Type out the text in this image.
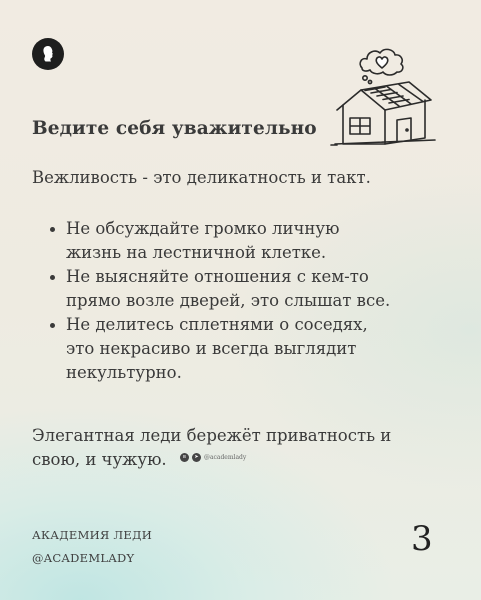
Ведите себя уважительно
Вежливость - это деликатность и такт.
Не обсуждайте громко личную
жизнь на лестничной клетке.
Не выясняйте отношения с кем-то
прямо возле дверей, это слышат все.
Не делитесь сплетнями о соседях,
это некрасиво и всегда выглядит
некультурно.
Элегантная леди бережёт приватность и
свою, и чужую.	в	➤ @academlady
АКАДЕМИЯ ЛЕДИ
@ACADEMLADY	3
